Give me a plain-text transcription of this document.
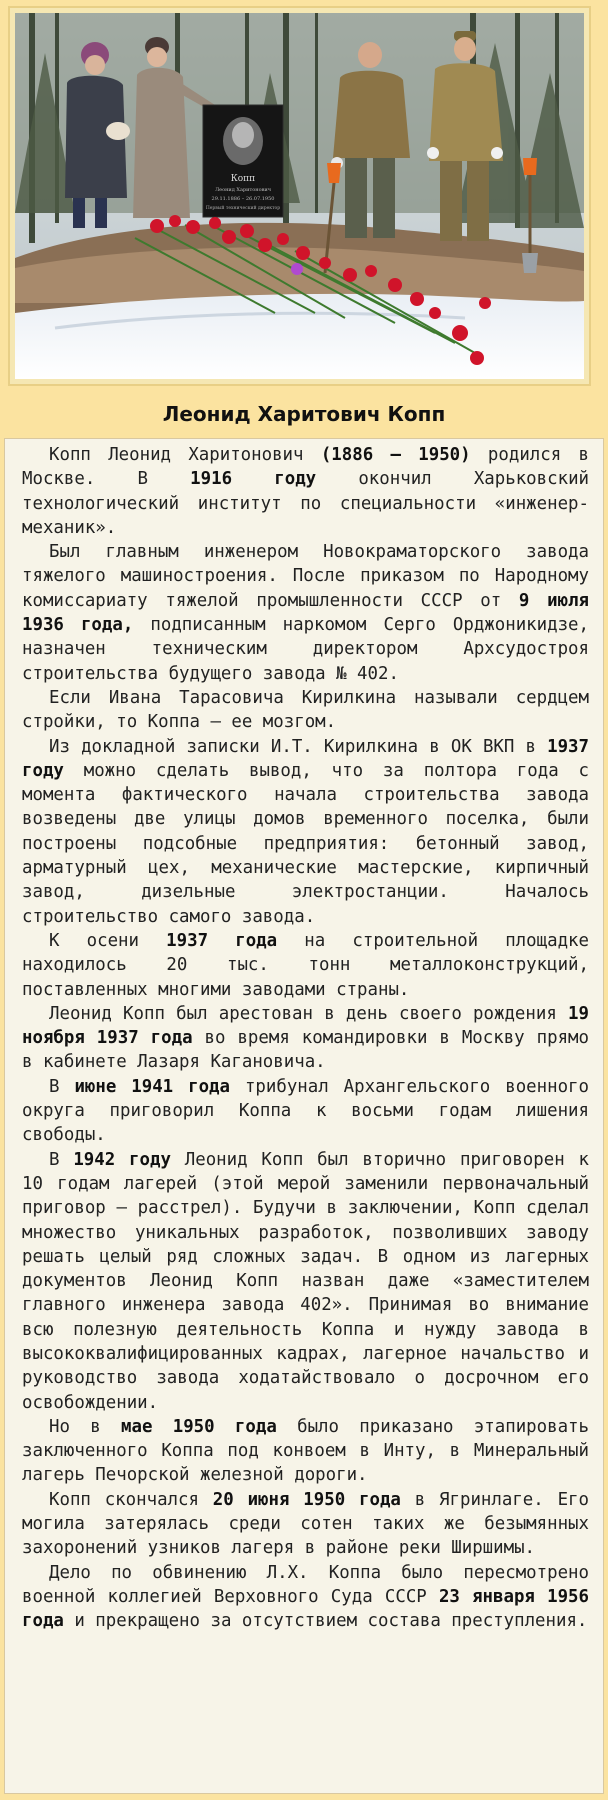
Копп
Леонид Харитонович
29.11.1886 – 26.07.1950
Первый технический директор
Леонид Харитович Копп

Копп Леонид Харитонович (1886 – 1950) родился в Москве. В 1916 году окончил Харьковский технологический институт по специальности «инженер-механик».

Был главным инженером Новокраматорского завода тяжелого машиностроения. После приказом по Народному комиссариату тяжелой промышленности СССР от 9 июля 1936 года, подписанным наркомом Серго Орджоникидзе, назначен техническим директором Архсудостроя строительства будущего завода № 402.

Если Ивана Тарасовича Кирилкина называли сердцем стройки, то Коппа – ее мозгом.

Из докладной записки И.Т. Кирилкина в ОК ВКП в 1937 году можно сделать вывод, что за полтора года с момента фактического начала строительства завода возведены две улицы домов временного поселка, были построены подсобные предприятия: бетонный завод, арматурный цех, механические мастерские, кирпичный завод, дизельные электростанции. Началось строительство самого завода.

К осени 1937 года на строительной площадке находилось 20 тыс. тонн металлоконструкций, поставленных многими заводами страны.

Леонид Копп был арестован в день своего рождения 19 ноября 1937 года во время командировки в Москву прямо в кабинете Лазаря Кагановича.

В июне 1941 года трибунал Архангельского военного округа приговорил Коппа к восьми годам лишения свободы.

В 1942 году Леонид Копп был вторично приговорен к 10 годам лагерей (этой мерой заменили первоначальный приговор – расстрел). Будучи в заключении, Копп сделал множество уникальных разработок, позволивших заводу решать целый ряд сложных задач. В одном из лагерных документов Леонид Копп назван даже «заместителем главного инженера завода 402». Принимая во внимание всю полезную деятельность Коппа и нужду завода в высококвалифицированных кадрах, лагерное начальство и руководство завода ходатайствовало о досрочном его освобождении.

Но в мае 1950 года было приказано этапировать заключенного Коппа под конвоем в Инту, в Минеральный лагерь Печорской железной дороги.

Копп скончался 20 июня 1950 года в Ягринлаге. Его могила затерялась среди сотен таких же безымянных захоронений узников лагеря в районе реки Ширшимы.

Дело по обвинению Л.Х. Коппа было пересмотрено военной коллегией Верховного Суда СССР 23 января 1956 года и прекращено за отсутствием состава преступления.
